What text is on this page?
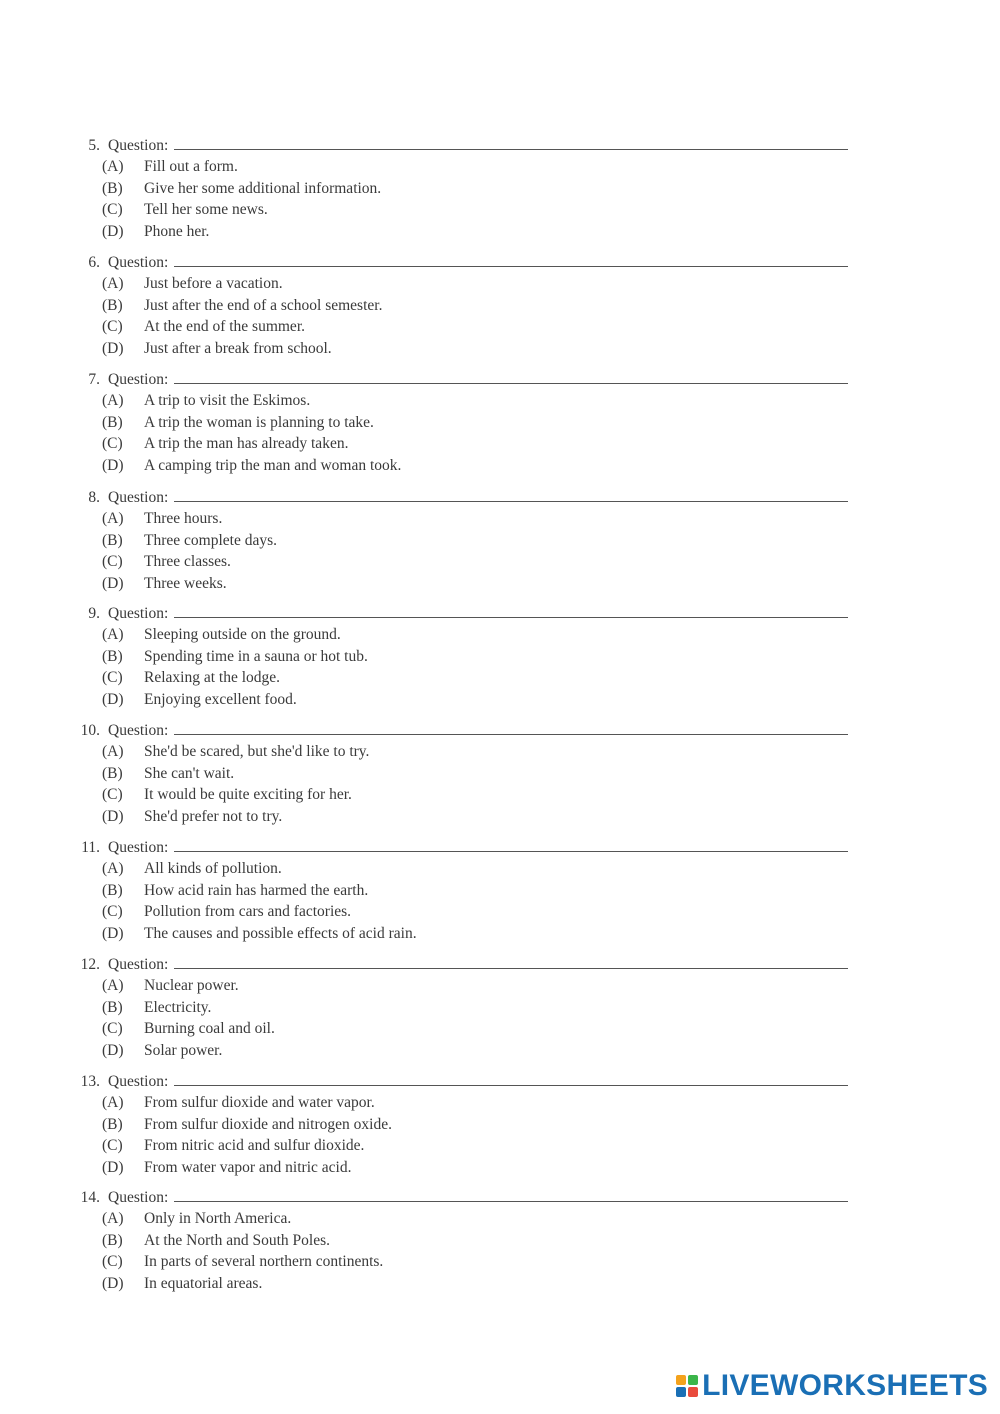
5. Question:
(A)	Fill out a form.
(B)	Give her some additional information.
(C)	Tell her some news.
(D)	Phone her.
6. Question:
(A)	Just before a vacation.
(B)	Just after the end of a school semester.
(C)	At the end of the summer.
(D)	Just after a break from school.
7. Question:
(A)	A trip to visit the Eskimos.
(B)	A trip the woman is planning to take.
(C)	A trip the man has already taken.
(D)	A camping trip the man and woman took.
8. Question:
(A)	Three hours.
(B)	Three complete days.
(C)	Three classes.
(D)	Three weeks.
9. Question:
(A)	Sleeping outside on the ground.
(B)	Spending time in a sauna or hot tub.
(C)	Relaxing at the lodge.
(D)	Enjoying excellent food.
10. Question:
(A)	She'd be scared, but she'd like to try.
(B)	She can't wait.
(C)	It would be quite exciting for her.
(D)	She'd prefer not to try.
11. Question:
(A)	All kinds of pollution.
(B)	How acid rain has harmed the earth.
(C)	Pollution from cars and factories.
(D)	The causes and possible effects of acid rain.
12. Question:
(A)	Nuclear power.
(B)	Electricity.
(C)	Burning coal and oil.
(D)	Solar power.
13. Question:
(A)	From sulfur dioxide and water vapor.
(B)	From sulfur dioxide and nitrogen oxide.
(C)	From nitric acid and sulfur dioxide.
(D)	From water vapor and nitric acid.
14. Question:
(A)	Only in North America.
(B)	At the North and South Poles.
(C)	In parts of several northern continents.
(D)	In equatorial areas.
LIVEWORKSHEETS
